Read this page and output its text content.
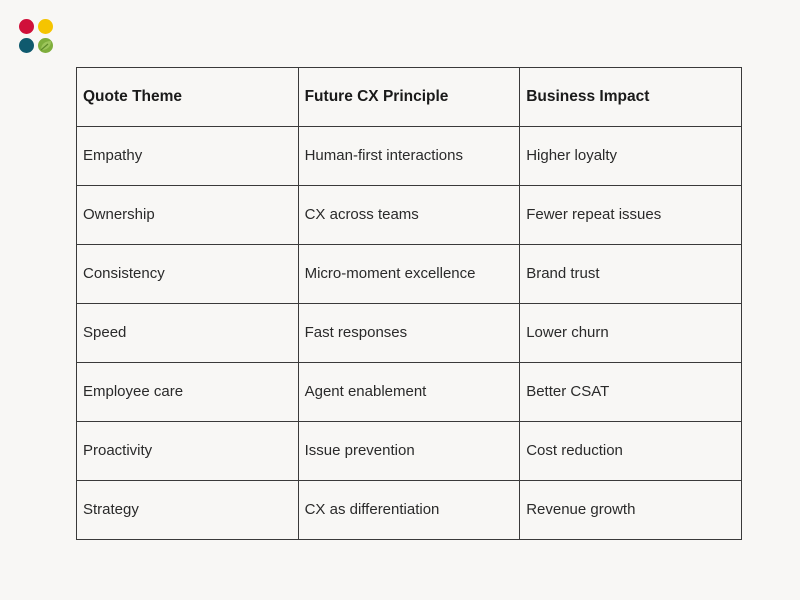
Quote Theme	Future CX Principle	Business Impact
Empathy	Human-first interactions	Higher loyalty
Ownership	CX across teams	Fewer repeat issues
Consistency	Micro-moment excellence	Brand trust
Speed	Fast responses	Lower churn
Employee care	Agent enablement	Better CSAT
Proactivity	Issue prevention	Cost reduction
Strategy	CX as differentiation	Revenue growth
